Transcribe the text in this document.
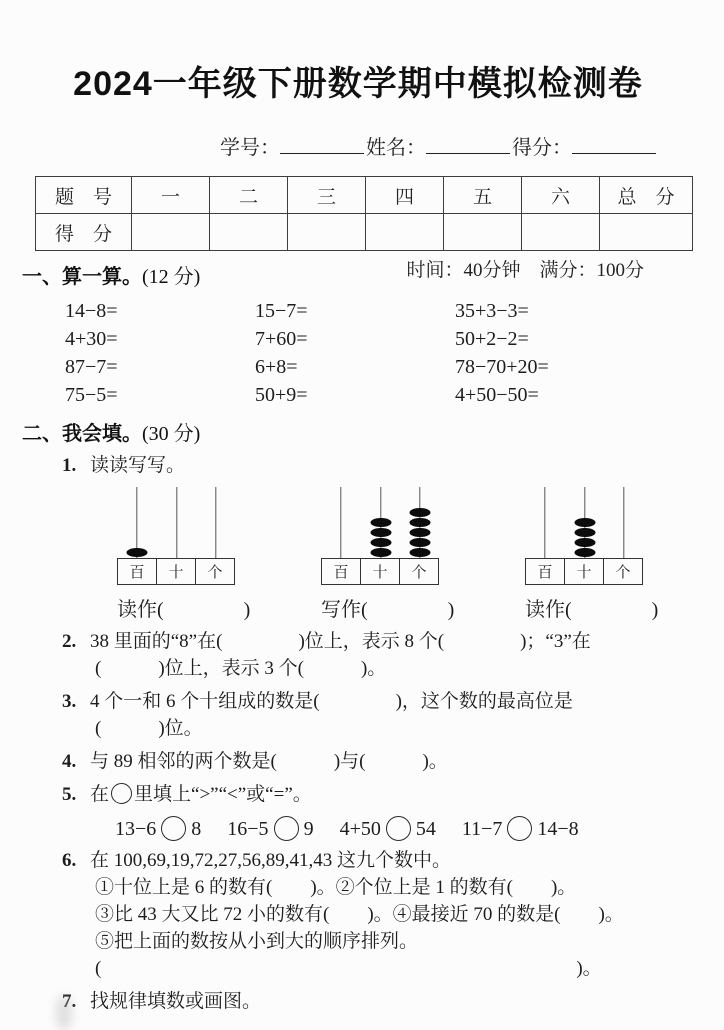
2024一年级下册数学期中模拟检测卷
学号：	姓名：	得分：
题　号	一	二	三	四	五	六	总　分
得　分							
时间：40分钟　满分：100分
一、算一算。(12 分)
14−8=	15−7=	35+3−3=
4+30=	7+60=	50+2−2=
87−7=	6+8=	78−70+20=
75−5=	50+9=	4+50−50=
二、我会填。(30 分)
1. 读读写写。
百	十	个	百	十	个	百	十	个
读作(　　　　)	写作(　　　　)	读作(　　　　)
2. 38 里面的“8”在(　　　　)位上，表示 8 个(　　　　)；“3”在
(　　　)位上，表示 3 个(　　　)。
3. 4 个一和 6 个十组成的数是(　　　　)，这个数的最高位是
(　　　)位。
4. 与 89 相邻的两个数是(　　　)与(　　　)。
5. 在 里填上“>”“<”或“=”。
13−6 8 16−5 9 4+50 54 11−7 14−8
6. 在 100,69,19,72,27,56,89,41,43 这九个数中。
①十位上是 6 的数有(　　)。②个位上是 1 的数有(　　)。
③比 43 大又比 72 小的数有(　　)。④最接近 70 的数是(　　)。
⑤把上面的数按从小到大的顺序排列。
(　　　　　　　　　　　　　　　　　　　　　　　　　)。
7. 找规律填数或画图。
